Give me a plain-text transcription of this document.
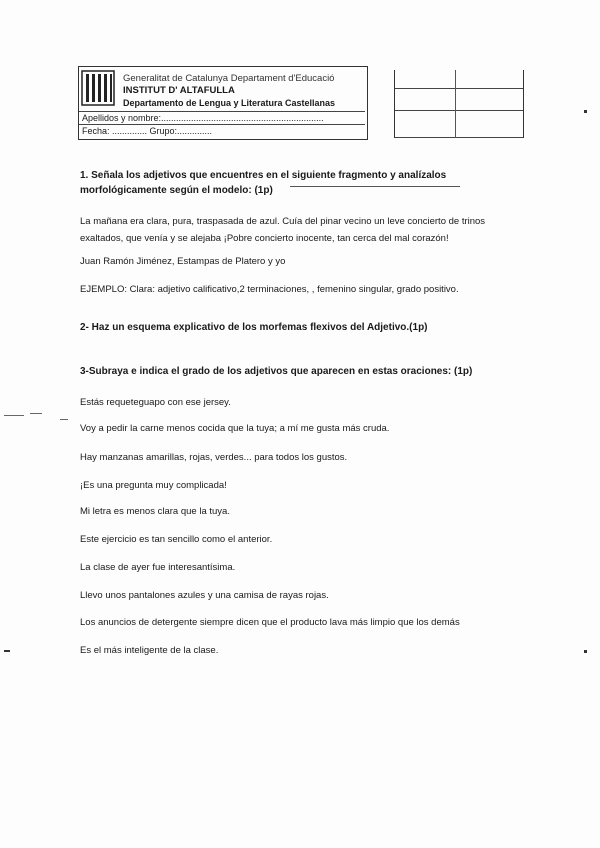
Generalitat de Catalunya Departament d'Educació
INSTITUT D' ALTAFULLA
Departamento de Lengua y Literatura Castellanas
Apellidos y nombre:.................................................................
Fecha: .............. Grupo:..............
1. Señala los adjetivos que encuentres en el siguiente fragmento y analízalos morfológicamente según el modelo: (1p)
La mañana era clara, pura, traspasada de azul. Cuía del pinar vecino un leve concierto de trinos exaltados, que venía y se alejaba ¡Pobre concierto inocente, tan cerca del mal corazón!
Juan Ramón Jiménez, Estampas de Platero y yo
EJEMPLO: Clara: adjetivo calificativo,2 terminaciones, , femenino singular, grado positivo.
2- Haz un esquema explicativo de los morfemas flexivos del Adjetivo.(1p)
3-Subraya e indica el grado de los adjetivos que aparecen en estas oraciones: (1p)
Estás requeteguapo con ese jersey.
Voy a pedir la carne menos cocida que la tuya; a mí me gusta más cruda.
Hay manzanas amarillas, rojas, verdes... para todos los gustos.
¡Es una pregunta muy complicada!
Mi letra es menos clara que la tuya.
Este ejercicio es tan sencillo como el anterior.
La clase de ayer fue interesantísima.
Llevo unos pantalones azules y una camisa de rayas rojas.
Los anuncios de detergente siempre dicen que el producto lava más limpio que los demás
Es el más inteligente de la clase.
